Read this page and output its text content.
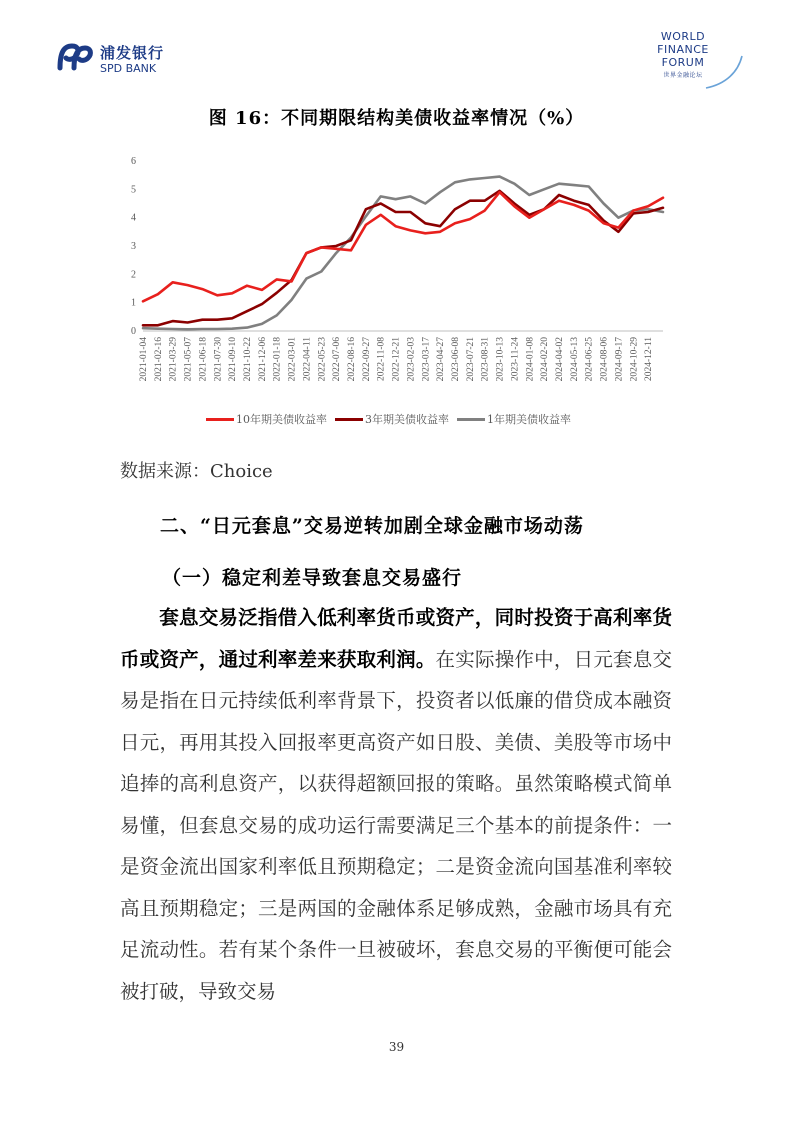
浦发银行
SPD BANK
WORLD
FINANCE
FORUM
世界金融论坛
图 16：不同期限结构美债收益率情况（%）
0
1
2
3
4
5
6
2021-01-04 2021-02-16 2021-03-29 2021-05-07 2021-06-18 2021-07-30 2021-09-10 2021-10-22 2021-12-06 2022-01-18 2022-03-01 2022-04-11 2022-05-23 2022-07-06 2022-08-16 2022-09-27 2022-11-08 2022-12-21 2023-02-03 2023-03-17 2023-04-27 2023-06-08 2023-07-21 2023-08-31 2023-10-13 2023-11-24 2024-01-08 2024-02-20 2024-04-02 2024-05-13 2024-06-25 2024-08-06 2024-09-17 2024-10-29 2024-12-11
10年期美债收益率	3年期美债收益率	1年期美债收益率
数据来源：Choice
二、“日元套息”交易逆转加剧全球金融市场动荡
（一）稳定利差导致套息交易盛行
套息交易泛指借入低利率货币或资产，同时投资于高利率货币或资产，通过利率差来获取利润。在实际操作中，日元套息交易是指在日元持续低利率背景下，投资者以低廉的借贷成本融资日元，再用其投入回报率更高资产如日股、美债、美股等市场中追捧的高利息资产，以获得超额回报的策略。虽然策略模式简单易懂，但套息交易的成功运行需要满足三个基本的前提条件：一是资金流出国家利率低且预期稳定；二是资金流向国基准利率较高且预期稳定；三是两国的金融体系足够成熟，金融市场具有充足流动性。若有某个条件一旦被破坏，套息交易的平衡便可能会被打破，导致交易
39
